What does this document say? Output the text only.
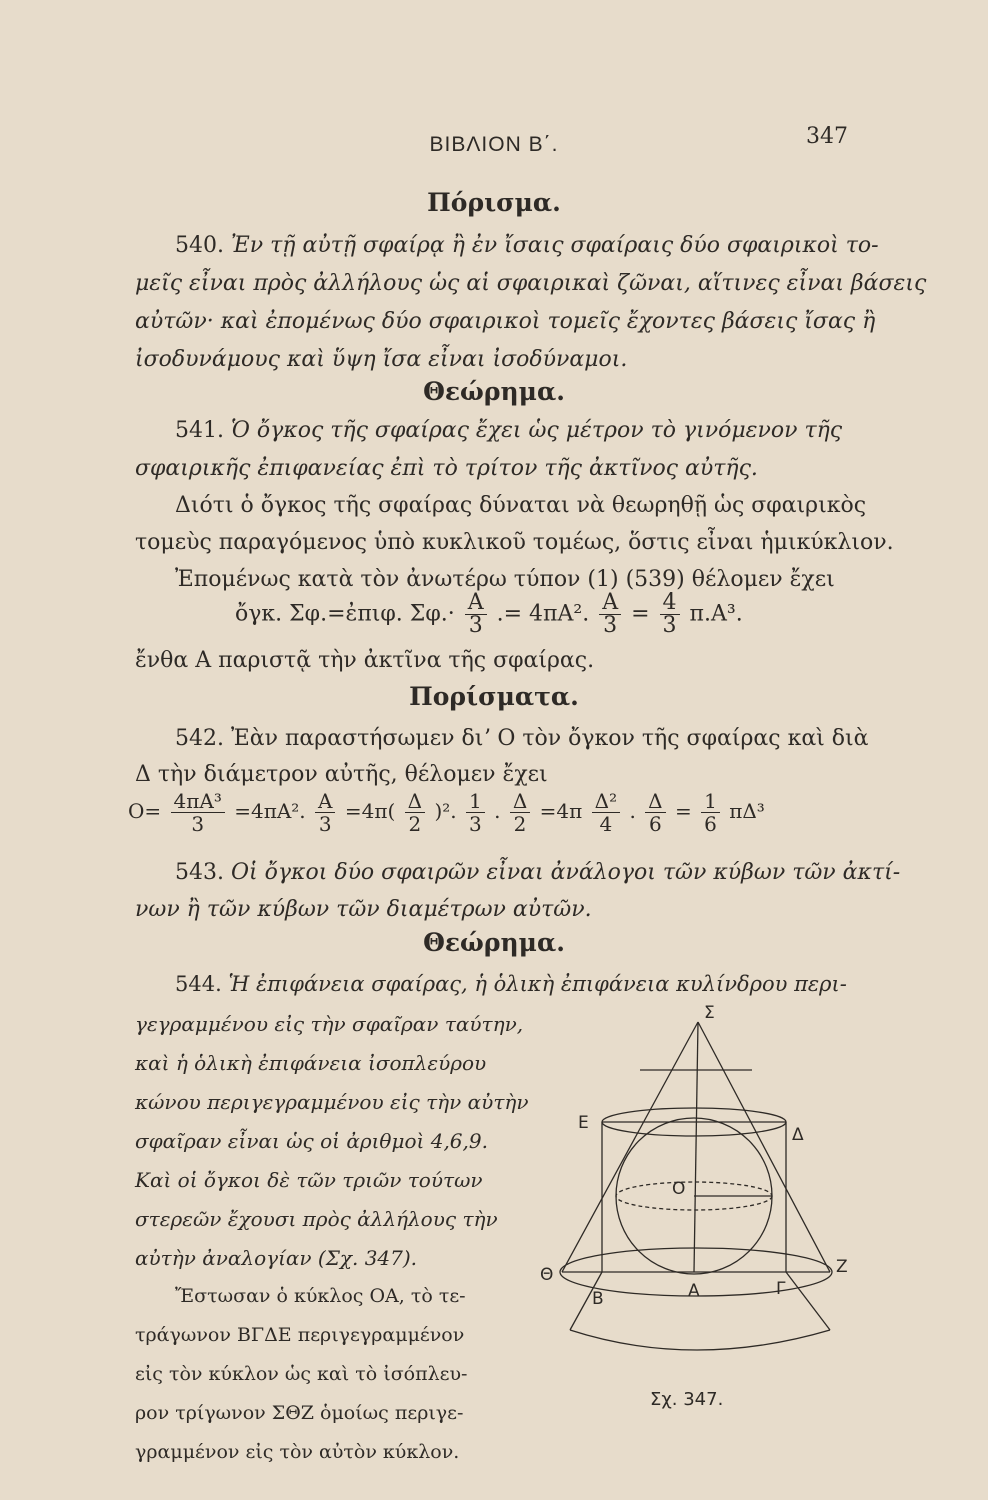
ΒΙΒΛΙΟΝ Β΄.	347
Πόρισμα.
540. Ἐν τῇ αὐτῇ σφαίρᾳ ἢ ἐν ἴσαις σφαίραις δύο σφαιρικοὶ το-
μεῖς εἶναι πρὸς ἀλλήλους ὡς αἱ σφαιρικαὶ ζῶναι, αἵτινες εἶναι βάσεις
αὐτῶν· καὶ ἐπομένως δύο σφαιρικοὶ τομεῖς ἔχοντες βάσεις ἴσας ἢ
ἰσοδυνάμους καὶ ὕψη ἴσα εἶναι ἰσοδύναμοι.
Θεώρημα.
541. Ὁ ὄγκος τῆς σφαίρας ἔχει ὡς μέτρον τὸ γινόμενον τῆς
σφαιρικῆς ἐπιφανείας ἐπὶ τὸ τρίτον τῆς ἀκτῖνος αὐτῆς.
Διότι ὁ ὄγκος τῆς σφαίρας δύναται νὰ θεωρηθῇ ὡς σφαιρικὸς
τομεὺς παραγόμενος ὑπὸ κυκλικοῦ τομέως, ὅστις εἶναι ἡμικύκλιον.
Ἐπομένως κατὰ τὸν ἀνωτέρω τύπον (1) (539) θέλομεν ἔχει
ὄγκ. Σφ.=ἐπιφ. $\Sigma\varphi.\cdot \frac{A}{3}$ .= 4πΑ². $\frac{A}{3} = \frac{4}{3} \pi.A^3$.
ἔνθα Α παριστᾷ τὴν ἀκτῖνα τῆς σφαίρας.
Πορίσματα.
542. Ἐὰν παραστήσωμεν διʼ Ο τὸν ὄγκον τῆς σφαίρας καὶ διὰ
Δ τὴν διάμετρον αὐτῆς, θέλομεν ἔχει
$O= \frac{\text{4πΑ³}}{3} =4\pi A^2$. $\frac{A}{3} =4\pi( \frac{\Delta}{2} )^2$. $\frac{1}{3}$ . $\frac{\Delta}{2} =4\pi \frac{\text{Δ²}}{4}$ . $\frac{\Delta}{6} = \frac{1}{6} \pi\Delta^3$
543. Οἱ ὄγκοι δύο σφαιρῶν εἶναι ἀνάλογοι τῶν κύβων τῶν ἀκτί-
νων ἢ τῶν κύβων τῶν διαμέτρων αὐτῶν.
Θεώρημα.
544. Ἡ ἐπιφάνεια σφαίρας, ἡ ὁλικὴ ἐπιφάνεια κυλίνδρου περι-
γεγραμμένου εἰς τὴν σφαῖραν ταύτην,
καὶ ἡ ὁλικὴ ἐπιφάνεια ἰσοπλεύρου
κώνου περιγεγραμμένου εἰς τὴν αὐτὴν
σφαῖραν εἶναι ὡς οἱ ἀριθμοὶ 4,6,9.
Καὶ οἱ ὄγκοι δὲ τῶν τριῶν τούτων
στερεῶν ἔχουσι πρὸς ἀλλήλους τὴν
αὐτὴν ἀναλογίαν (Σχ. 347).
Ἔστωσαν ὁ κύκλος ΟΑ, τὸ τε-
τράγωνον ΒΓΔΕ περιγεγραμμένον
εἰς τὸν κύκλον ὡς καὶ τὸ ἰσόπλευ-
ρον τρίγωνον ΣΘΖ ὁμοίως περιγε-
γραμμένον εἰς τὸν αὐτὸν κύκλον.
Σ
Ε
Δ
Ο
Θ	Ζ
Β	Α	Γ
Σχ. 347.
